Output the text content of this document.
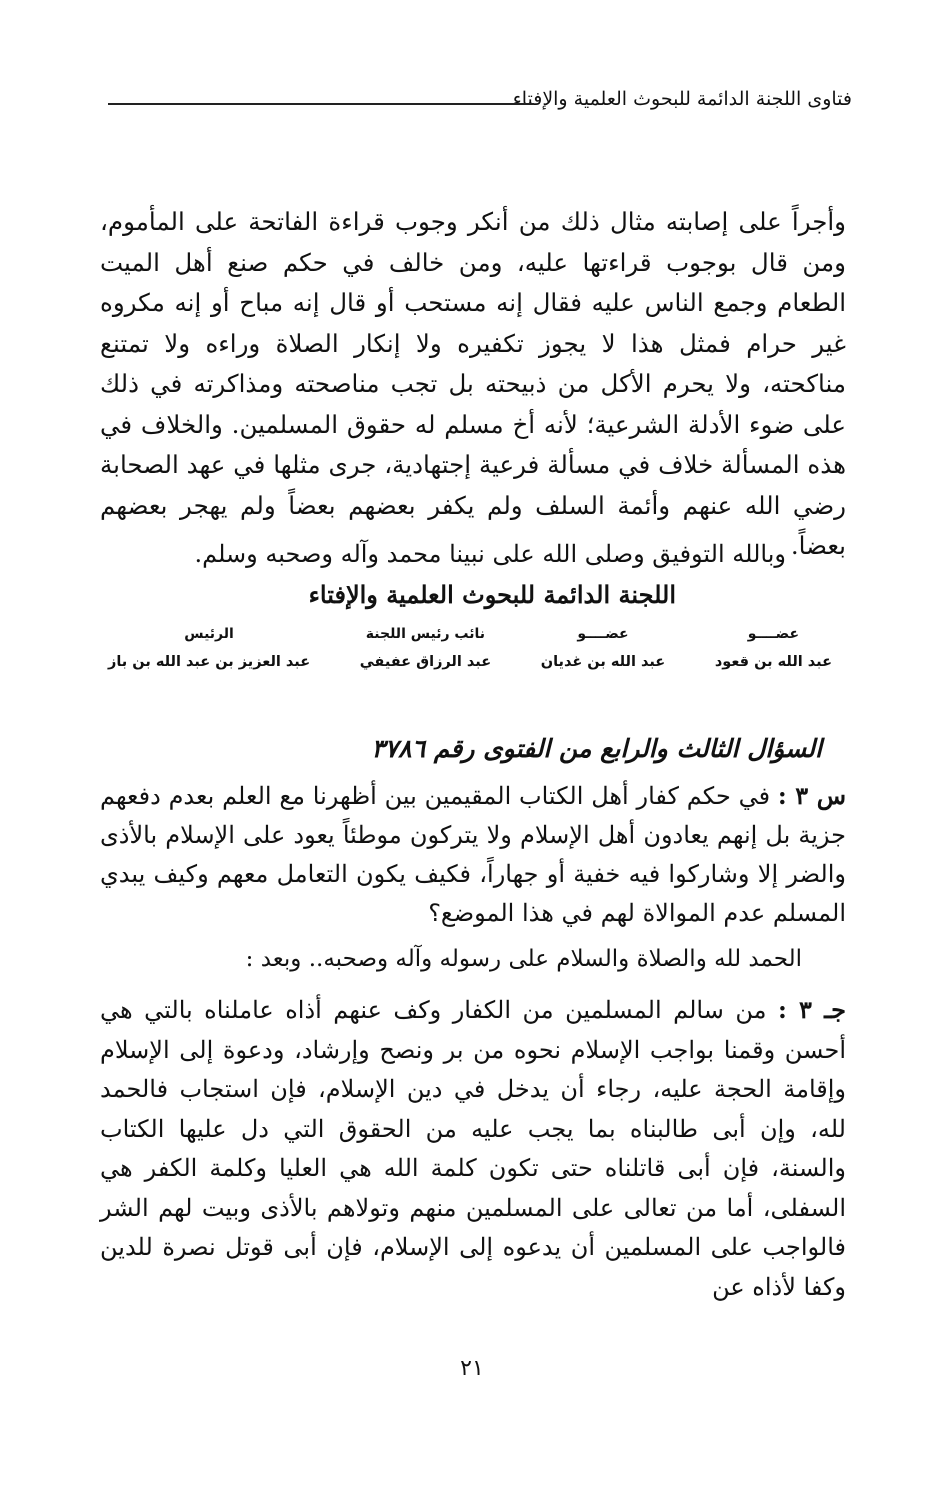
فتاوى اللجنة الدائمة للبحوث العلمية والإفتاء
وأجراً على إصابته مثال ذلك من أنكر وجوب قراءة الفاتحة على المأموم، ومن قال بوجوب قراءتها عليه، ومن خالف في حكم صنع أهل الميت الطعام وجمع الناس عليه فقال إنه مستحب أو قال إنه مباح أو إنه مكروه غير حرام فمثل هذا لا يجوز تكفيره ولا إنكار الصلاة وراءه ولا تمتنع مناكحته، ولا يحرم الأكل من ذبيحته بل تجب مناصحته ومذاكرته في ذلك على ضوء الأدلة الشرعية؛ لأنه أخ مسلم له حقوق المسلمين. والخلاف في هذه المسألة خلاف في مسألة فرعية إجتهادية، جرى مثلها في عهد الصحابة رضي الله عنهم وأئمة السلف ولم يكفر بعضهم بعضاً ولم يهجر بعضهم بعضاً.
وبالله التوفيق وصلى الله على نبينا محمد وآله وصحبه وسلم.
اللجنة الدائمة للبحوث العلمية والإفتاء
عضــــو
عبد الله بن قعود
عضــــو
عبد الله بن غديان
نائب رئيس اللجنة
عبد الرزاق عفيفي
الرئيس
عبد العزيز بن عبد الله بن باز
السؤال الثالث والرابع من الفتوى رقم ٣٧٨٦
س ٣ : في حكم كفار أهل الكتاب المقيمين بين أظهرنا مع العلم بعدم دفعهم جزية بل إنهم يعادون أهل الإسلام ولا يتركون موطئاً يعود على الإسلام بالأذى والضر إلا وشاركوا فيه خفية أو جهاراً، فكيف يكون التعامل معهم وكيف يبدي المسلم عدم الموالاة لهم في هذا الموضع؟
الحمد لله والصلاة والسلام على رسوله وآله وصحبه.. وبعد :
جـ ٣ : من سالم المسلمين من الكفار وكف عنهم أذاه عاملناه بالتي هي أحسن وقمنا بواجب الإسلام نحوه من بر ونصح وإرشاد، ودعوة إلى الإسلام وإقامة الحجة عليه، رجاء أن يدخل في دين الإسلام، فإن استجاب فالحمد لله، وإن أبى طالبناه بما يجب عليه من الحقوق التي دل عليها الكتاب والسنة، فإن أبى قاتلناه حتى تكون كلمة الله هي العليا وكلمة الكفر هي السفلى، أما من تعالى على المسلمين منهم وتولاهم بالأذى وبيت لهم الشر فالواجب على المسلمين أن يدعوه إلى الإسلام، فإن أبى قوتل نصرة للدين وكفا لأذاه عن
٢١
